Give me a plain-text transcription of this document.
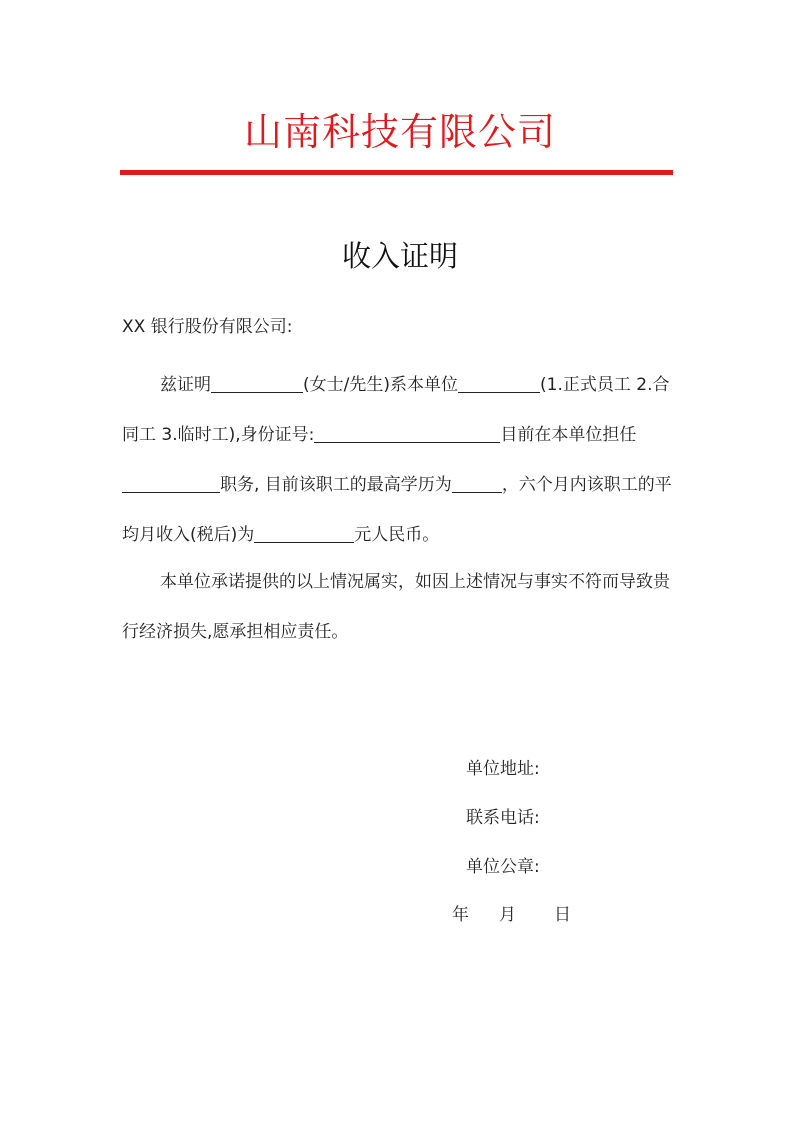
山南科技有限公司
收入证明
XX 银行股份有限公司:
兹证明	(女士/先生)系本单位	(1.正式员工 2.合同工 3.临时工),身份证号:	目前在本单位担任职务, 目前该职工的最高学历为	，六个月内该职工的平均月收入(税后)为	元人民币。
本单位承诺提供的以上情况属实，如因上述情况与事实不符而导致贵行经济损失,愿承担相应责任。
单位地址:
联系电话:
单位公章:
年 月 日
